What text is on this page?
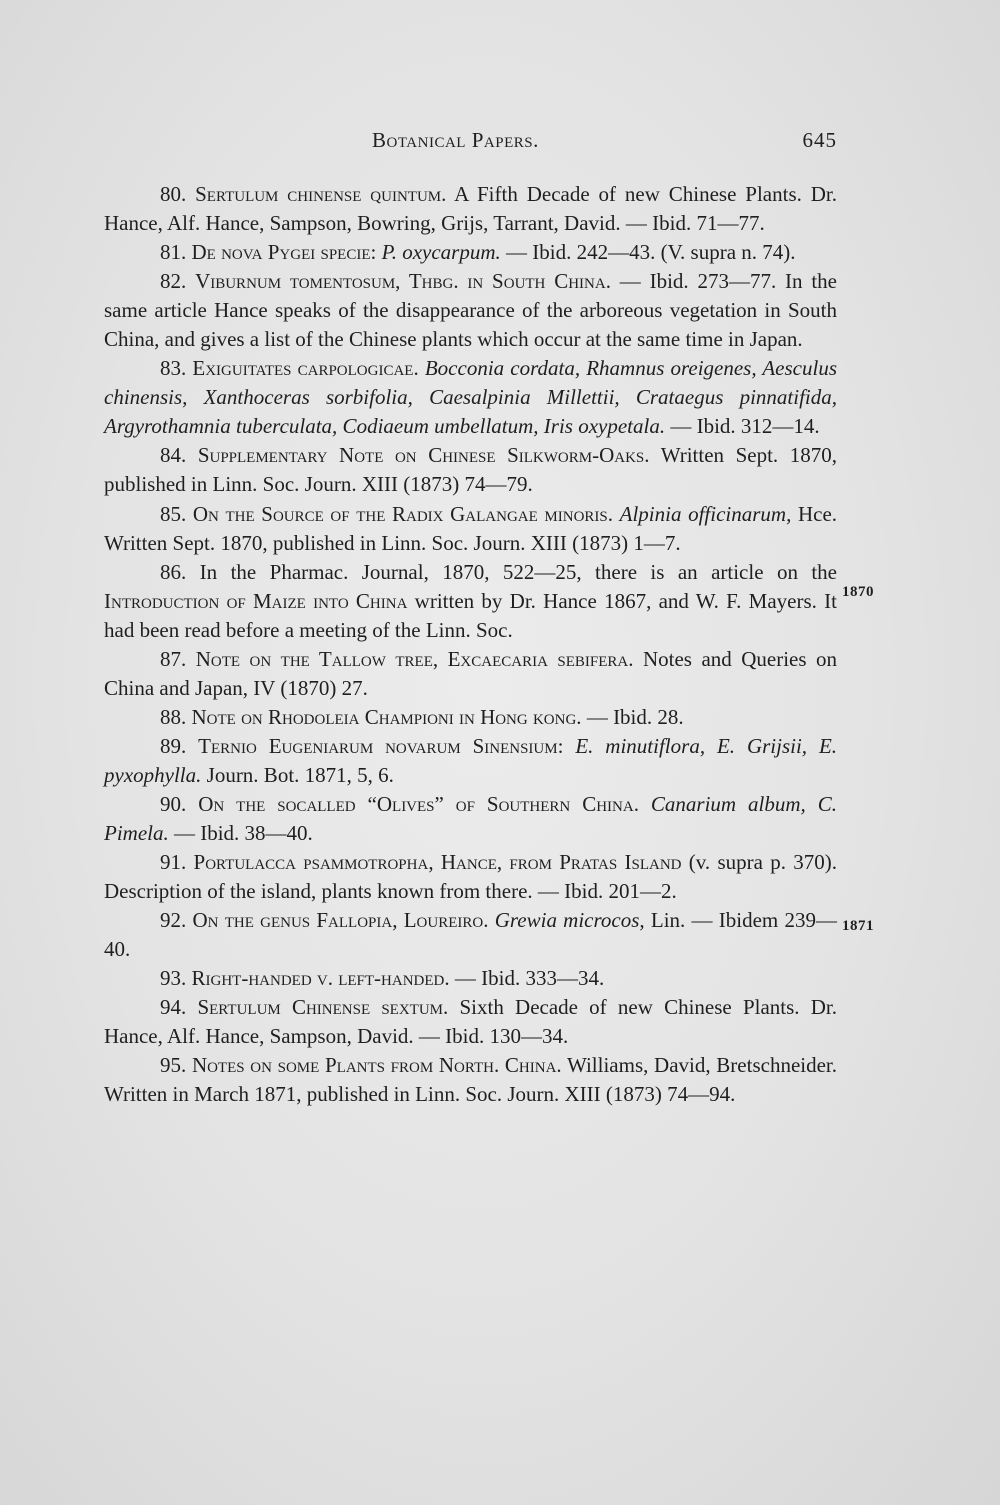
Botanical Papers.	645
1870
1871

80. Sertulum chinense quintum. A Fifth Decade of new Chinese Plants. Dr. Hance, Alf. Hance, Sampson, Bowring, Grijs, Tarrant, David. — Ibid. 71—77.

81. De nova Pygei specie: P. oxycarpum. — Ibid. 242—43. (V. supra n. 74).

82. Viburnum tomentosum, Thbg. in South China. — Ibid. 273—77. In the same article Hance speaks of the disappearance of the arboreous vegetation in South China, and gives a list of the Chinese plants which occur at the same time in Japan.

83. Exiguitates carpologicae. Bocconia cordata, Rhamnus oreigenes, Aesculus chinensis, Xanthoceras sorbifolia, Caesalpinia Millettii, Crataegus pinnatifida, Argyrothamnia tuberculata, Codiaeum umbellatum, Iris oxypetala. — Ibid. 312—14.

84. Supplementary Note on Chinese Silkworm-Oaks. Written Sept. 1870, published in Linn. Soc. Journ. XIII (1873) 74—79.

85. On the Source of the Radix Galangae minoris. Alpinia officinarum, Hce. Written Sept. 1870, published in Linn. Soc. Journ. XIII (1873) 1—7.

86. In the Pharmac. Journal, 1870, 522—25, there is an article on the Introduction of Maize into China written by Dr. Hance 1867, and W. F. Mayers. It had been read before a meeting of the Linn. Soc.

87. Note on the Tallow tree, Excaecaria sebifera. Notes and Queries on China and Japan, IV (1870) 27.

88. Note on Rhodoleia Championi in Hong kong. — Ibid. 28.

89. Ternio Eugeniarum novarum Sinensium: E. minutiflora, E. Grijsii, E. pyxophylla. Journ. Bot. 1871, 5, 6.

90. On the socalled “Olives” of Southern China. Canarium album, C. Pimela. — Ibid. 38—40.

91. Portulacca psammotropha, Hance, from Pratas Island (v. supra p. 370). Description of the island, plants known from there. — Ibid. 201—2.

92. On the genus Fallopia, Loureiro. Grewia microcos, Lin. — Ibidem 239—40.

93. Right-handed v. left-handed. — Ibid. 333—34.

94. Sertulum Chinense sextum. Sixth Decade of new Chinese Plants. Dr. Hance, Alf. Hance, Sampson, David. — Ibid. 130—34.

95. Notes on some Plants from North. China. Williams, David, Bretschneider. Written in March 1871, published in Linn. Soc. Journ. XIII (1873) 74—94.
